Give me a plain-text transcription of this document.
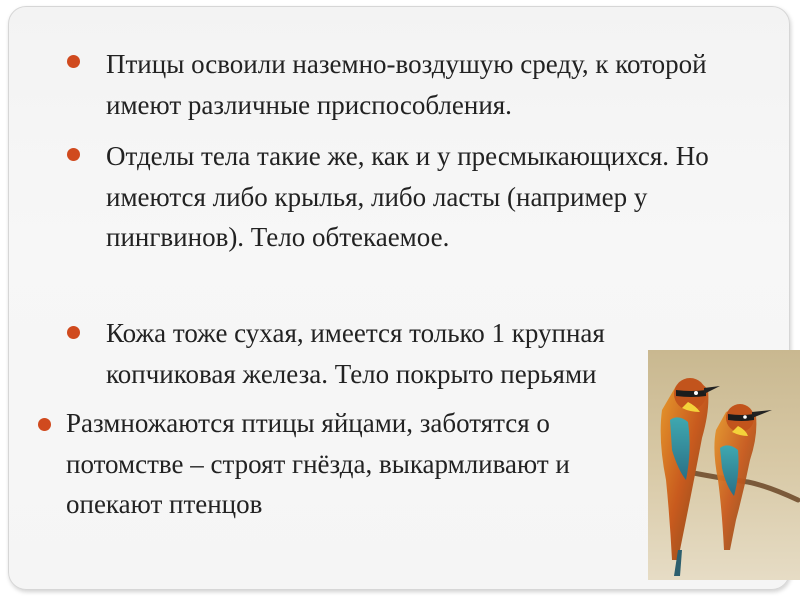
Птицы освоили наземно-воздушую среду, к которой имеют различные приспособления.
Отделы тела такие же, как и у пресмыкающихся. Но имеются либо крылья, либо ласты (например у пингвинов). Тело обтекаемое.
Кожа тоже сухая, имеется только 1 крупная копчиковая железа. Тело покрыто перьями
Размножаются птицы яйцами, заботятся о потомстве – строят гнёзда, выкармливают и опекают птенцов
